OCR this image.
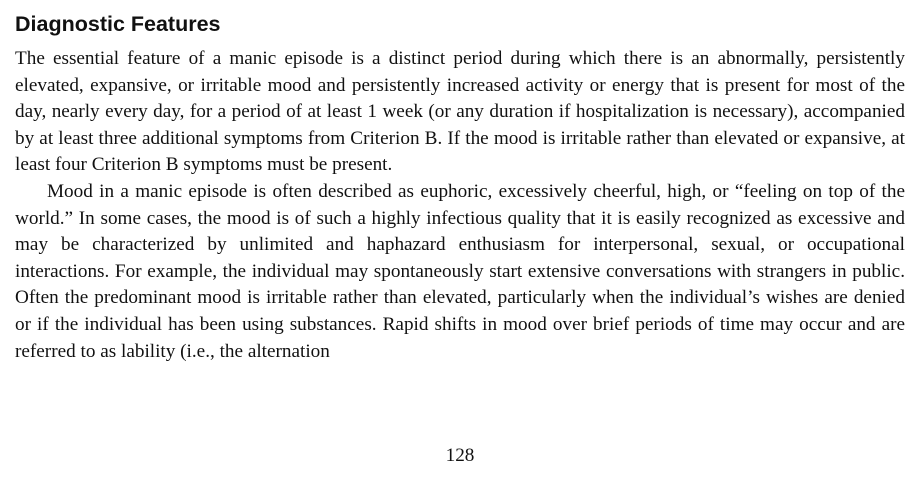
Diagnostic Features

The essential feature of a manic episode is a distinct period during which there is an abnormally, persistently elevated, expansive, or irritable mood and persistently increased activity or energy that is present for most of the day, nearly every day, for a period of at least 1 week (or any duration if hospitalization is necessary), accompanied by at least three additional symptoms from Criterion B. If the mood is irritable rather than elevated or expansive, at least four Criterion B symptoms must be present.

Mood in a manic episode is often described as euphoric, excessively cheerful, high, or “feeling on top of the world.” In some cases, the mood is of such a highly infectious quality that it is easily recognized as excessive and may be characterized by unlimited and haphazard enthusiasm for interpersonal, sexual, or occupational interactions. For example, the individual may spontaneously start extensive conversations with strangers in public. Often the predominant mood is irritable rather than elevated, particularly when the individual’s wishes are denied or if the individual has been using substances. Rapid shifts in mood over brief periods of time may occur and are referred to as lability (i.e., the alternation

128
